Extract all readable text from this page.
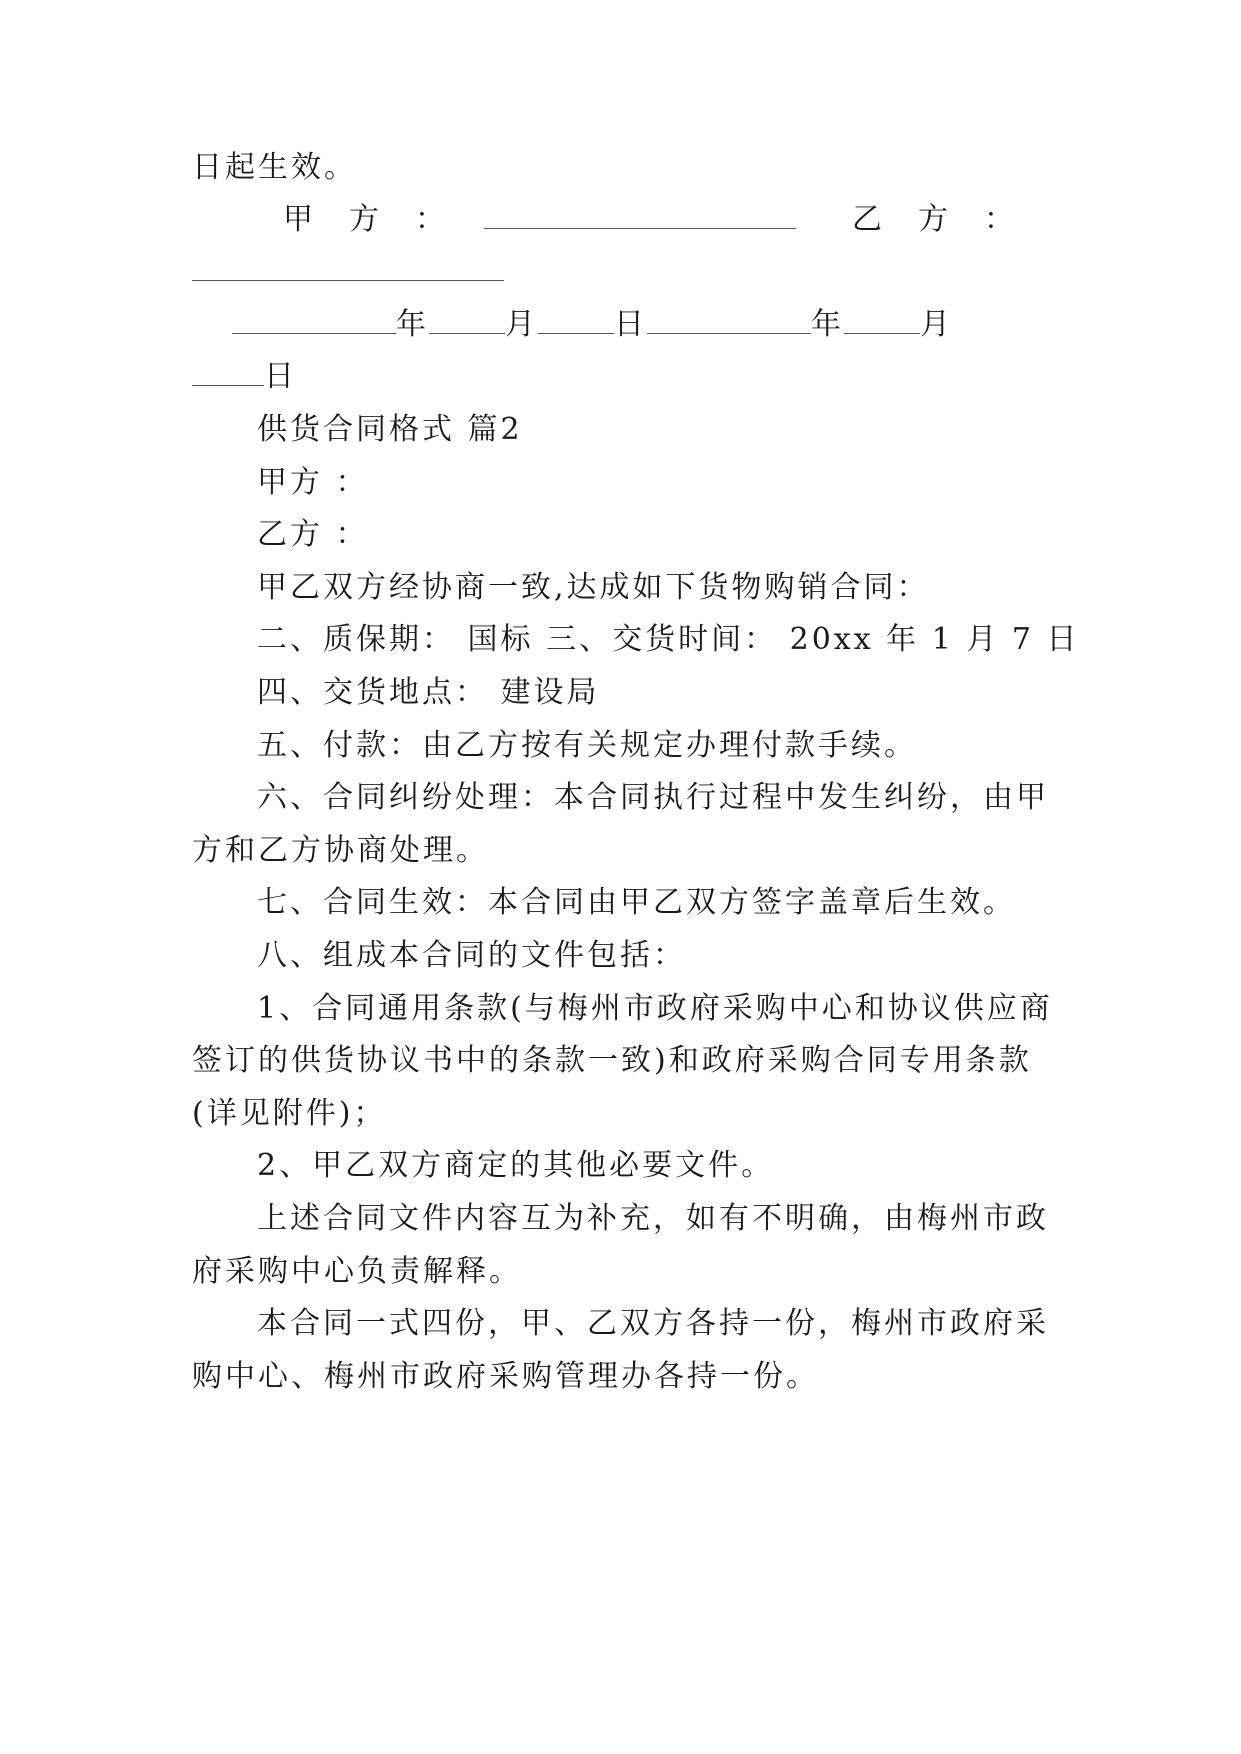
日起生效。
甲　方　：	乙　方　：
年	月	日	年	月
日
供货合同格式 篇2
甲方 ：
乙方 ：
甲乙双方经协商一致,达成如下货物购销合同：
二、质保期： 国标 三、交货时间： 20xx 年 1 月 7 日
四、交货地点： 建设局
五、付款：由乙方按有关规定办理付款手续。
六、合同纠纷处理：本合同执行过程中发生纠纷，由甲
方和乙方协商处理。
七、合同生效：本合同由甲乙双方签字盖章后生效。
八、组成本合同的文件包括：
1、合同通用条款(与梅州市政府采购中心和协议供应商
签订的供货协议书中的条款一致)和政府采购合同专用条款
(详见附件)；
2、甲乙双方商定的其他必要文件。
上述合同文件内容互为补充，如有不明确，由梅州市政
府采购中心负责解释。
本合同一式四份，甲、乙双方各持一份，梅州市政府采
购中心、梅州市政府采购管理办各持一份。
